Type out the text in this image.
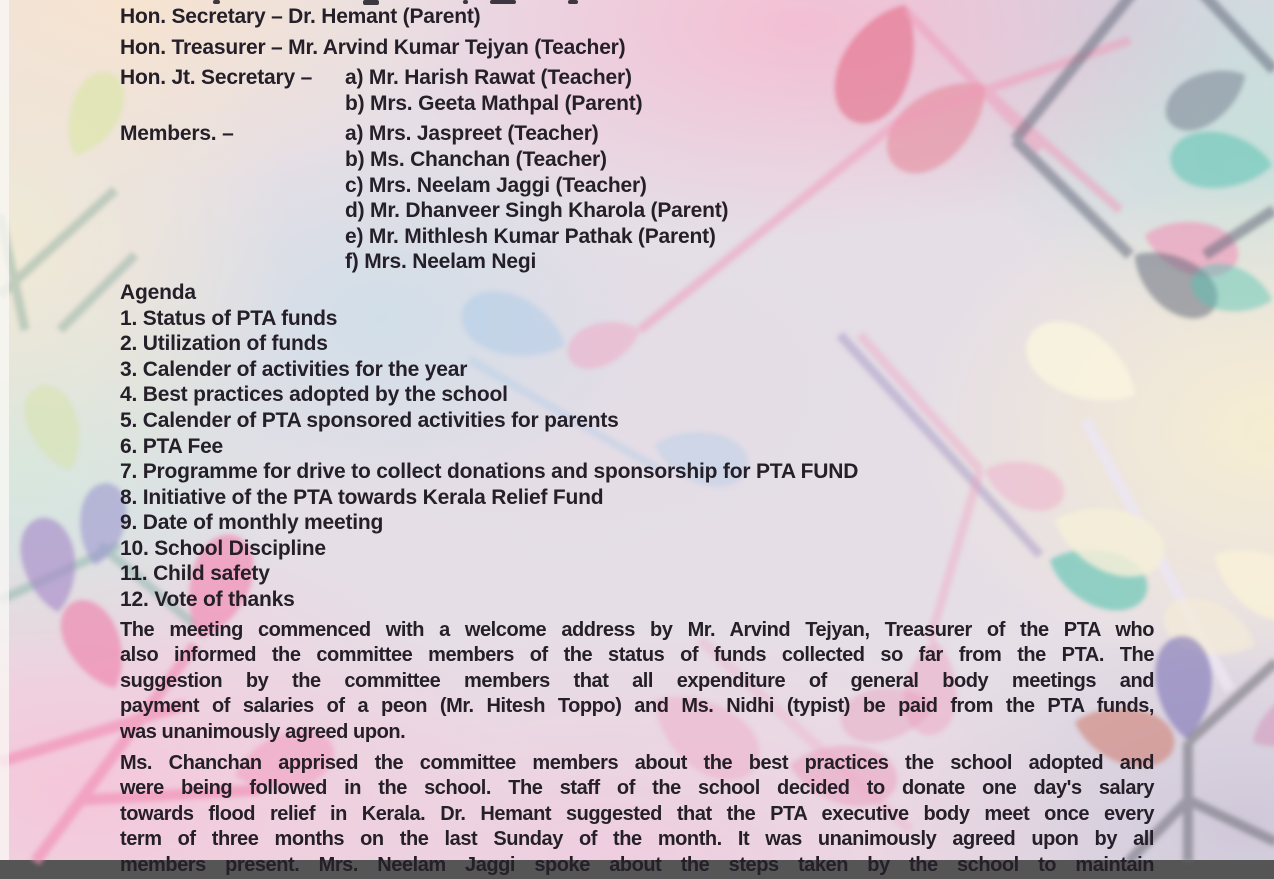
Hon. Secretary – Dr. Hemant (Parent)
Hon. Treasurer – Mr. Arvind Kumar Tejyan (Teacher)
Hon. Jt. Secretary –	a) Mr. Harish Rawat (Teacher)
b) Mrs. Geeta Mathpal (Parent)
Members. –	a) Mrs. Jaspreet (Teacher)
b) Ms. Chanchan (Teacher)
c) Mrs. Neelam Jaggi (Teacher)
d) Mr. Dhanveer Singh Kharola (Parent)
e) Mr. Mithlesh Kumar Pathak (Parent)
f) Mrs. Neelam Negi
Agenda
1. Status of PTA funds
2. Utilization of funds
3. Calender of activities for the year
4. Best practices adopted by the school
5. Calender of PTA sponsored activities for parents
6. PTA Fee
7. Programme for drive to collect donations and sponsorship for PTA FUND
8. Initiative of the PTA towards Kerala Relief Fund
9. Date of monthly meeting
10. School Discipline
11. Child safety
12. Vote of thanks
The meeting commenced with a welcome address by Mr. Arvind Tejyan, Treasurer of the PTA who
also informed the committee members of the status of funds collected so far from the PTA. The
suggestion by the committee members that all expenditure of general body meetings and
payment of salaries of a peon (Mr. Hitesh Toppo) and Ms. Nidhi (typist) be paid from the PTA funds,
was unanimously agreed upon.
Ms. Chanchan apprised the committee members about the best practices the school adopted and
were being followed in the school. The staff of the school decided to donate one day's salary
towards flood relief in Kerala. Dr. Hemant suggested that the PTA executive body meet once every
term of three months on the last Sunday of the month. It was unanimously agreed upon by all
members present. Mrs. Neelam Jaggi spoke about the steps taken by the school to maintain
